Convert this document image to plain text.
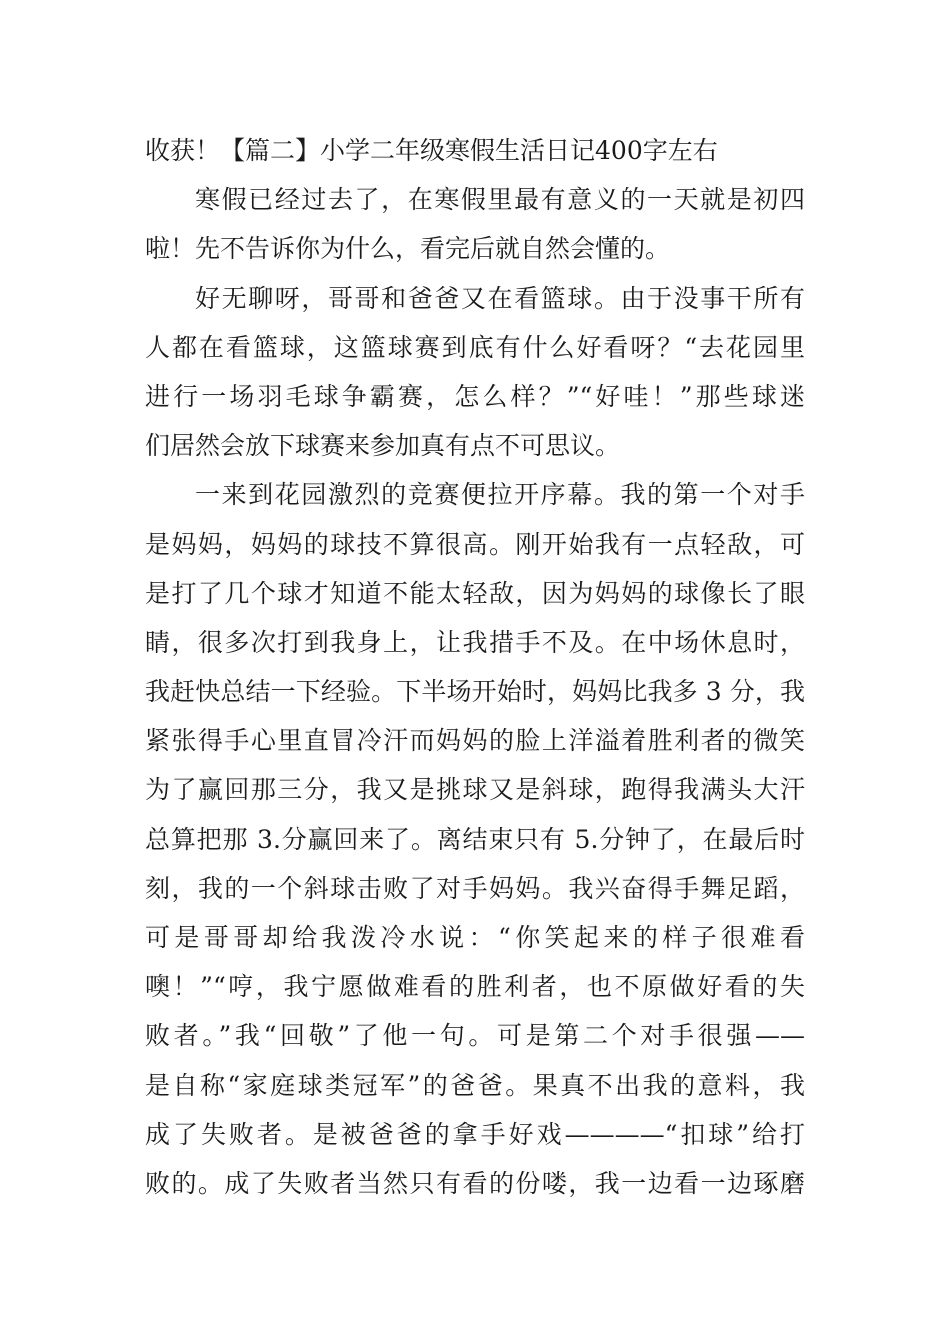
收获！【篇二】小学二年级寒假生活日记400字左右
寒假已经过去了，在寒假里最有意义的一天就是初四
啦！先不告诉你为什么，看完后就自然会懂的。
好无聊呀，哥哥和爸爸又在看篮球。由于没事干所有
人都在看篮球，这篮球赛到底有什么好看呀？“去花园里
进行一场羽毛球争霸赛，怎么样？”“好哇！”那些球迷
们居然会放下球赛来参加真有点不可思议。
一来到花园激烈的竞赛便拉开序幕。我的第一个对手
是妈妈，妈妈的球技不算很高。刚开始我有一点轻敌，可
是打了几个球才知道不能太轻敌，因为妈妈的球像长了眼
睛，很多次打到我身上，让我措手不及。在中场休息时，
我赶快总结一下经验。下半场开始时，妈妈比我多 3 分，我
紧张得手心里直冒冷汗而妈妈的脸上洋溢着胜利者的微笑
为了赢回那三分，我又是挑球又是斜球，跑得我满头大汗
总算把那 3.分赢回来了。离结束只有 5.分钟了，在最后时
刻，我的一个斜球击败了对手妈妈。我兴奋得手舞足蹈，
可是哥哥却给我泼冷水说：“你笑起来的样子很难看
噢！”“哼，我宁愿做难看的胜利者，也不原做好看的失
败者。”我“回敬”了他一句。可是第二个对手很强——
是自称“家庭球类冠军”的爸爸。果真不出我的意料，我
成了失败者。是被爸爸的拿手好戏————“扣球”给打
败的。成了失败者当然只有看的份喽，我一边看一边琢磨
